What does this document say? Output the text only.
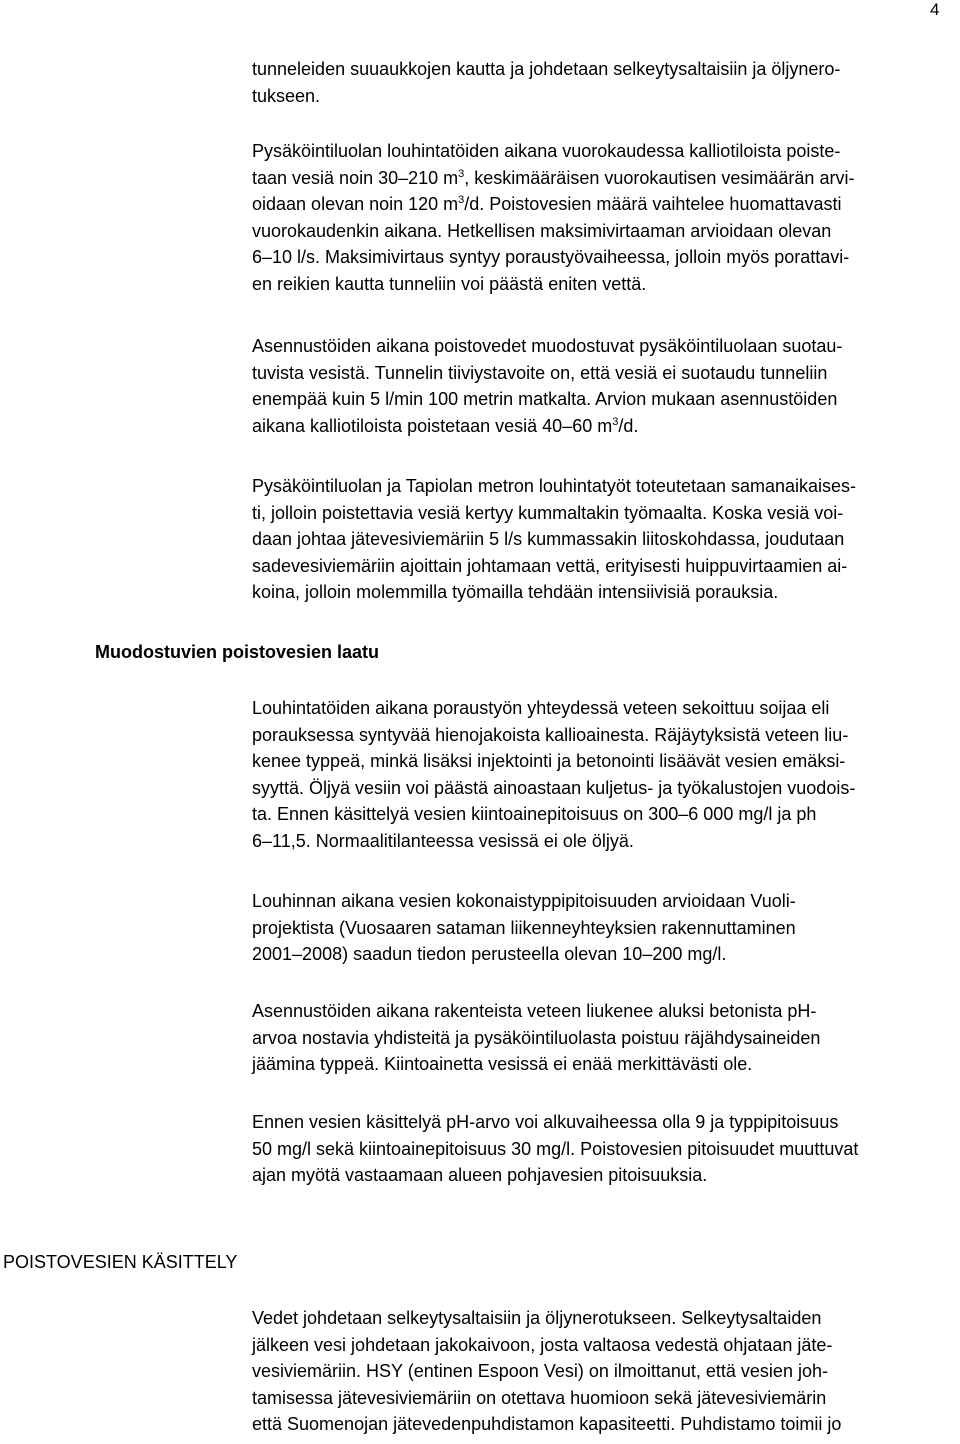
4

tunneleiden suuaukkojen kautta ja johdetaan selkeytysaltaisiin ja öljynero-
tukseen.

Pysäköintiluolan louhintatöiden aikana vuorokaudessa kalliotiloista poiste-
taan vesiä noin 30–210 $m^3$, keskimääräisen vuorokautisen vesimäärän arvi-
oidaan olevan noin 120 $m^3/d$. Poistovesien määrä vaihtelee huomattavasti
vuorokaudenkin aikana. Hetkellisen maksimivirtaaman arvioidaan olevan
6–10 l/s. Maksimivirtaus syntyy poraustyövaiheessa, jolloin myös porattavi-
en reikien kautta tunneliin voi päästä eniten vettä.

Asennustöiden aikana poistovedet muodostuvat pysäköintiluolaan suotau-
tuvista vesistä. Tunnelin tiiviystavoite on, että vesiä ei suotaudu tunneliin
enempää kuin 5 l/min 100 metrin matkalta. Arvion mukaan asennustöiden
aikana kalliotiloista poistetaan vesiä 40–60 $m^3/d$.

Pysäköintiluolan ja Tapiolan metron louhintatyöt toteutetaan samanaikaises-
ti, jolloin poistettavia vesiä kertyy kummaltakin työmaalta. Koska vesiä voi-
daan johtaa jätevesiviemäriin 5 l/s kummassakin liitoskohdassa, joudutaan
sadevesiviemäriin ajoittain johtamaan vettä, erityisesti huippuvirtaamien ai-
koina, jolloin molemmilla työmailla tehdään intensiivisiä porauksia.

Muodostuvien poistovesien laatu

Louhintatöiden aikana poraustyön yhteydessä veteen sekoittuu soijaa eli
porauksessa syntyvää hienojakoista kallioainesta. Räjäytyksistä veteen liu-
kenee typpeä, minkä lisäksi injektointi ja betonointi lisäävät vesien emäksi-
syyttä. Öljyä vesiin voi päästä ainoastaan kuljetus- ja työkalustojen vuodois-
ta. Ennen käsittelyä vesien kiintoainepitoisuus on 300–6 000 mg/l ja ph
6–11,5. Normaalitilanteessa vesissä ei ole öljyä.

Louhinnan aikana vesien kokonaistyppipitoisuuden arvioidaan Vuoli-
projektista (Vuosaaren sataman liikenneyhteyksien rakennuttaminen
2001–2008) saadun tiedon perusteella olevan 10–200 mg/l.

Asennustöiden aikana rakenteista veteen liukenee aluksi betonista pH-
arvoa nostavia yhdisteitä ja pysäköintiluolasta poistuu räjähdysaineiden
jäämina typpeä. Kiintoainetta vesissä ei enää merkittävästi ole.

Ennen vesien käsittelyä pH-arvo voi alkuvaiheessa olla 9 ja typpipitoisuus
50 mg/l sekä kiintoainepitoisuus 30 mg/l. Poistovesien pitoisuudet muuttuvat
ajan myötä vastaamaan alueen pohjavesien pitoisuuksia.

POISTOVESIEN KÄSITTELY

Vedet johdetaan selkeytysaltaisiin ja öljynerotukseen. Selkeytysaltaiden
jälkeen vesi johdetaan jakokaivoon, josta valtaosa vedestä ohjataan jäte-
vesiviemäriin. HSY (entinen Espoon Vesi) on ilmoittanut, että vesien joh-
tamisessa jätevesiviemäriin on otettava huomioon sekä jätevesiviemärin
että Suomenojan jätevedenpuhdistamon kapasiteetti. Puhdistamo toimii jo
